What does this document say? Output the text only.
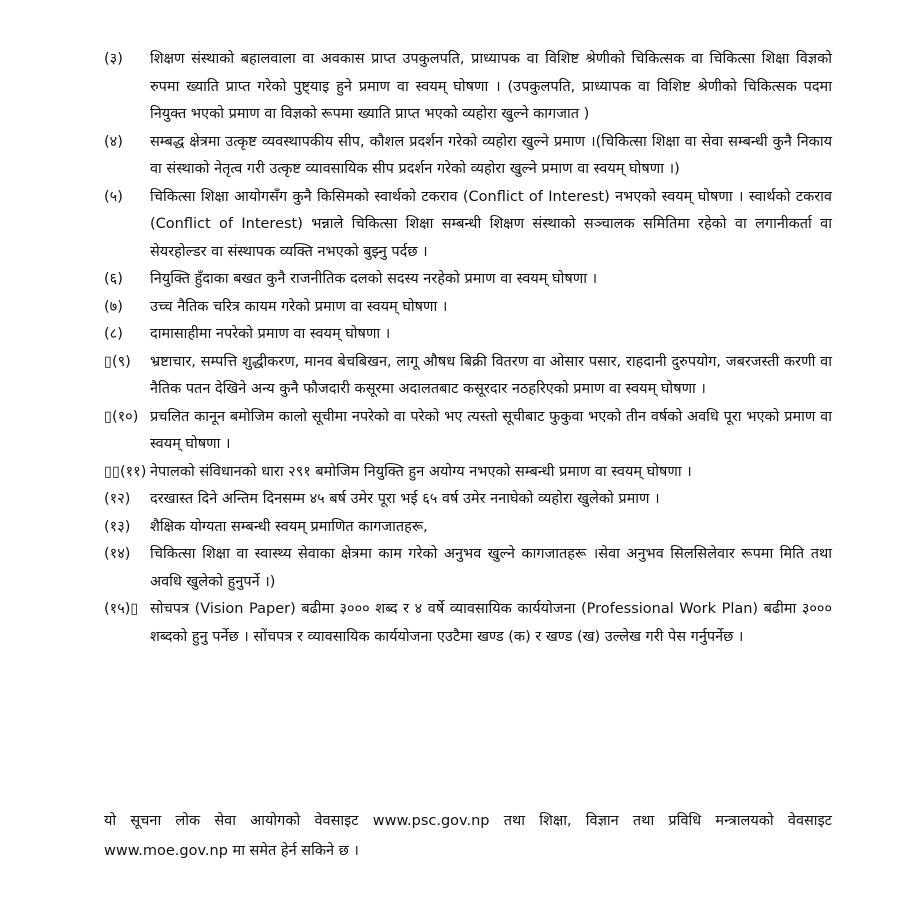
(३) शिक्षण संस्थाको बहालवाला वा अवकास प्राप्त उपकुलपति, प्राध्यापक वा विशिष्ट श्रेणीको चिकित्सक वा चिकित्सा शिक्षा विज्ञको रुपमा ख्याति प्राप्त गरेको पुष्ट्याइ हुने प्रमाण वा स्वयम् घोषणा । (उपकुलपति, प्राध्यापक वा विशिष्ट श्रेणीको चिकित्सक पदमा नियुक्त भएको प्रमाण वा विज्ञको रूपमा ख्याति प्राप्त भएको व्यहोरा खुल्ने कागजात )
(४) सम्बद्ध क्षेत्रमा उत्कृष्ट व्यवस्थापकीय सीप, कौशल प्रदर्शन गरेको व्यहोरा खुल्ने प्रमाण ।(चिकित्सा शिक्षा वा सेवा सम्बन्धी कुनै निकाय वा संस्थाको नेतृत्व गरी उत्कृष्ट व्यावसायिक सीप प्रदर्शन गरेको व्यहोरा खुल्ने प्रमाण वा स्वयम् घोषणा ।)
(५) चिकित्सा शिक्षा आयोगसँग कुनै किसिमको स्वार्थको टकराव (Conflict of Interest) नभएको स्वयम् घोषणा । स्वार्थको टकराव (Conflict of Interest) भन्नाले चिकित्सा शिक्षा सम्बन्धी शिक्षण संस्थाको सञ्चालक समितिमा रहेको वा लगानीकर्ता वा सेयरहोल्डर वा संस्थापक व्यक्ति नभएको बुझ्नु पर्दछ ।
(६) नियुक्ति हुँदाका बखत कुनै राजनीतिक दलको सदस्य नरहेको प्रमाण वा स्वयम् घोषणा ।
(७) उच्च नैतिक चरित्र कायम गरेको प्रमाण वा स्वयम् घोषणा ।
(८) दामासाहीमा नपरेको प्रमाण वा स्वयम् घोषणा ।
▯(९) भ्रष्टाचार, सम्पत्ति शुद्धीकरण, मानव बेचबिखन, लागू औषध बिक्री वितरण वा ओसार पसार, राहदानी दुरुपयोग, जबरजस्ती करणी वा नैतिक पतन देखिने अन्य कुनै फौजदारी कसूरमा अदालतबाट कसूरदार नठहरिएको प्रमाण वा स्वयम् घोषणा ।
▯(१०) प्रचलित कानून बमोजिम कालो सूचीमा नपरेको वा परेको भए त्यस्तो सूचीबाट फुकुवा भएको तीन वर्षको अवधि पूरा भएको प्रमाण वा स्वयम् घोषणा ।
▯▯(११) नेपालको संविधानको धारा २९१ बमोजिम नियुक्ति हुन अयोग्य नभएको सम्बन्धी प्रमाण वा स्वयम् घोषणा ।
(१२) दरखास्त दिने अन्तिम दिनसम्म ४५ बर्ष उमेर पूरा भई ६५ वर्ष उमेर ननाघेको व्यहोरा खुलेको प्रमाण ।
(१३) शैक्षिक योग्यता सम्बन्धी स्वयम् प्रमाणित कागजातहरू,
(१४) चिकित्सा शिक्षा वा स्वास्थ्य सेवाका क्षेत्रमा काम गरेको अनुभव खुल्ने कागजातहरू ।सेवा अनुभव सिलसिलेवार रूपमा मिति तथा अवधि खुलेको हुनुपर्ने ।)
(१५)▯ सोचपत्र (Vision Paper) बढीमा ३००० शब्द र ४ वर्षे व्यावसायिक कार्ययोजना (Professional Work Plan) बढीमा ३००० शब्दको हुनु पर्नेछ । सोंचपत्र र व्यावसायिक कार्ययोजना एउटैमा खण्ड (क) र खण्ड (ख) उल्लेख गरी पेस गर्नुपर्नेछ ।
यो सूचना लोक सेवा आयोगको वेवसाइट www.psc.gov.np तथा शिक्षा, विज्ञान तथा प्रविधि मन्त्रालयको वेवसाइट www.moe.gov.np मा समेत हेर्न सकिने छ ।
